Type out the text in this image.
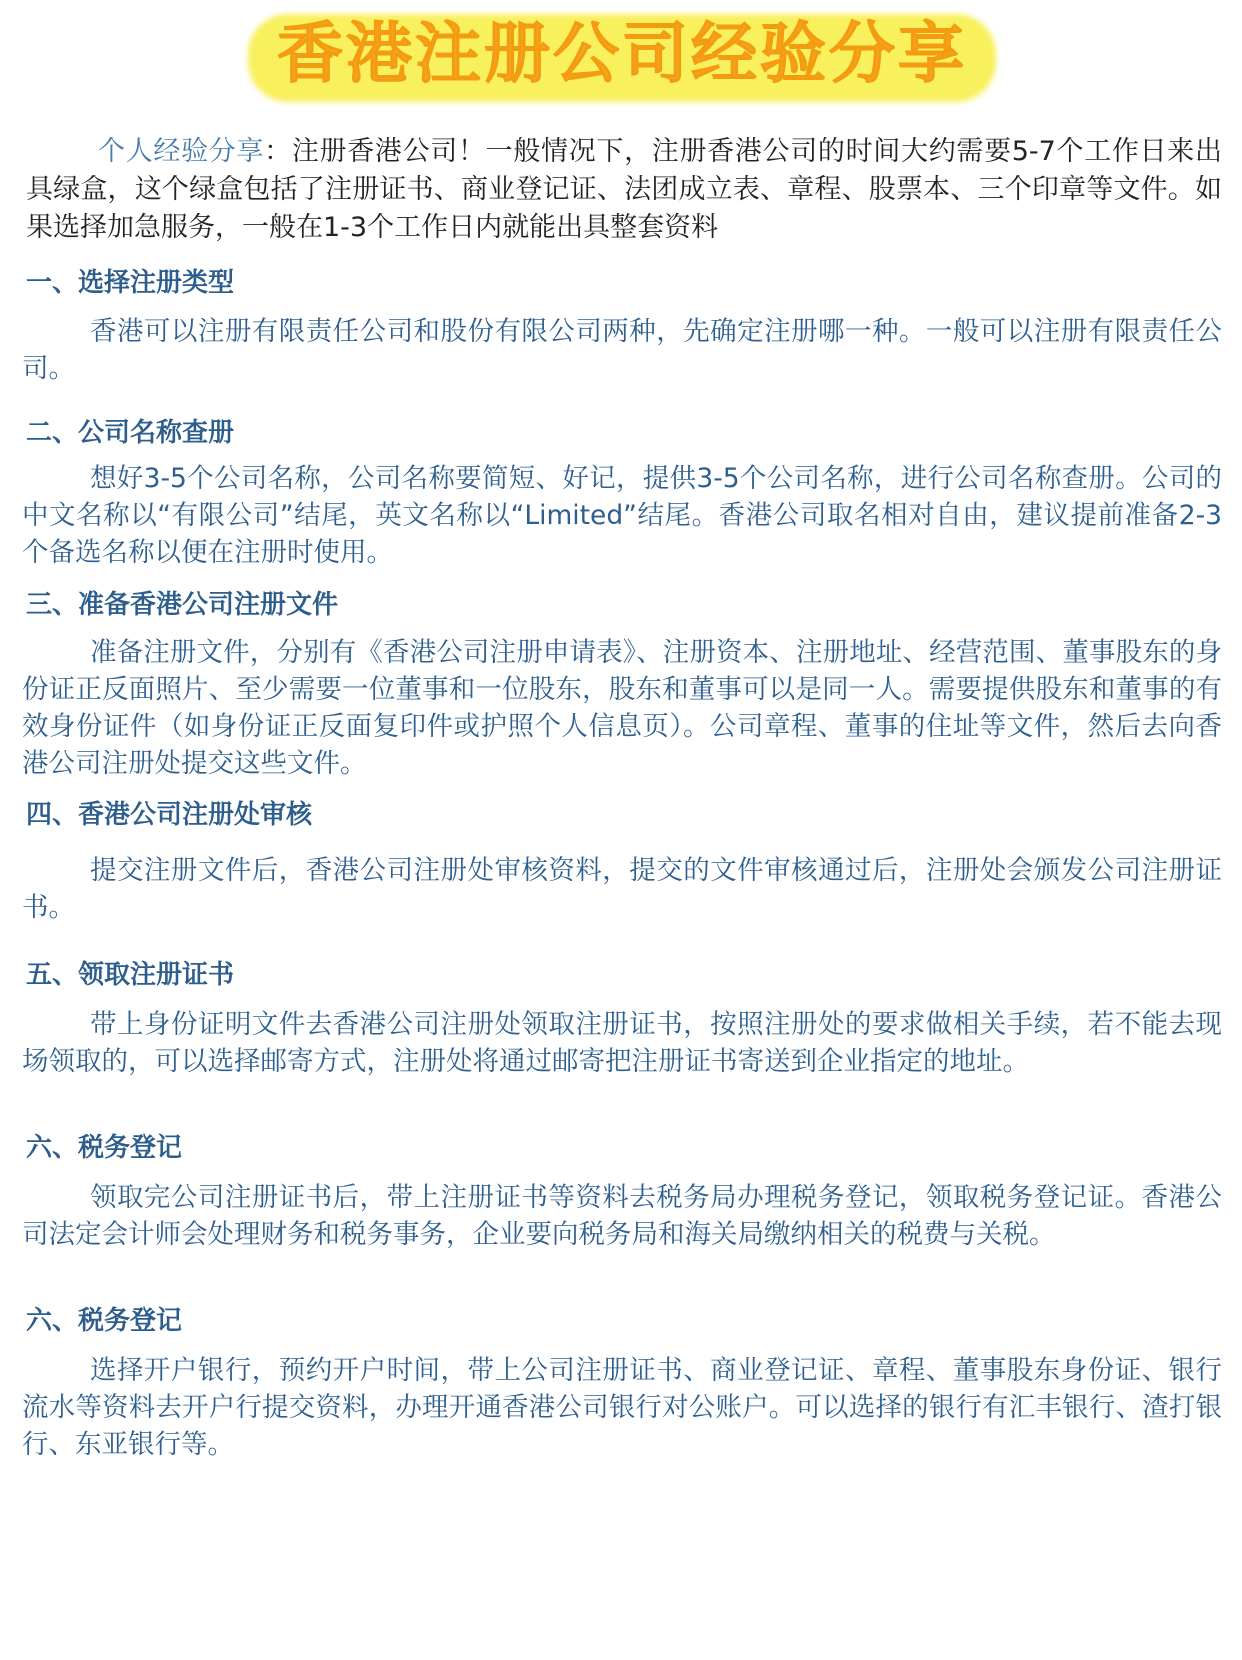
香港注册公司经验分享

个人经验分享：注册香港公司！一般情况下，注册香港公司的时间大约需要5-7个工作日来出具绿盒，这个绿盒包括了注册证书、商业登记证、法团成立表、章程、股票本、三个印章等文件。如果选择加急服务，一般在1-3个工作日内就能出具整套资料

一、选择注册类型

香港可以注册有限责任公司和股份有限公司两种，先确定注册哪一种。一般可以注册有限责任公司。

二、公司名称查册

想好3-5个公司名称，公司名称要简短、好记，提供3-5个公司名称，进行公司名称查册。公司的中文名称以“有限公司”结尾，英文名称以“Limited”结尾。香港公司取名相对自由，建议提前准备2-3个备选名称以便在注册时使用。

三、准备香港公司注册文件

准备注册文件，分别有《香港公司注册申请表》、注册资本、注册地址、经营范围、董事股东的身份证正反面照片、至少需要一位董事和一位股东，股东和董事可以是同一人。需要提供股东和董事的有效身份证件（如身份证正反面复印件或护照个人信息页）。公司章程、董事的住址等文件，然后去向香港公司注册处提交这些文件。

四、香港公司注册处审核

提交注册文件后，香港公司注册处审核资料，提交的文件审核通过后，注册处会颁发公司注册证书。

五、领取注册证书

带上身份证明文件去香港公司注册处领取注册证书，按照注册处的要求做相关手续，若不能去现场领取的，可以选择邮寄方式，注册处将通过邮寄把注册证书寄送到企业指定的地址。

六、税务登记

领取完公司注册证书后，带上注册证书等资料去税务局办理税务登记，领取税务登记证。香港公司法定会计师会处理财务和税务事务，企业要向税务局和海关局缴纳相关的税费与关税。

六、税务登记

选择开户银行，预约开户时间，带上公司注册证书、商业登记证、章程、董事股东身份证、银行流水等资料去开户行提交资料，办理开通香港公司银行对公账户。可以选择的银行有汇丰银行、渣打银行、东亚银行等。
